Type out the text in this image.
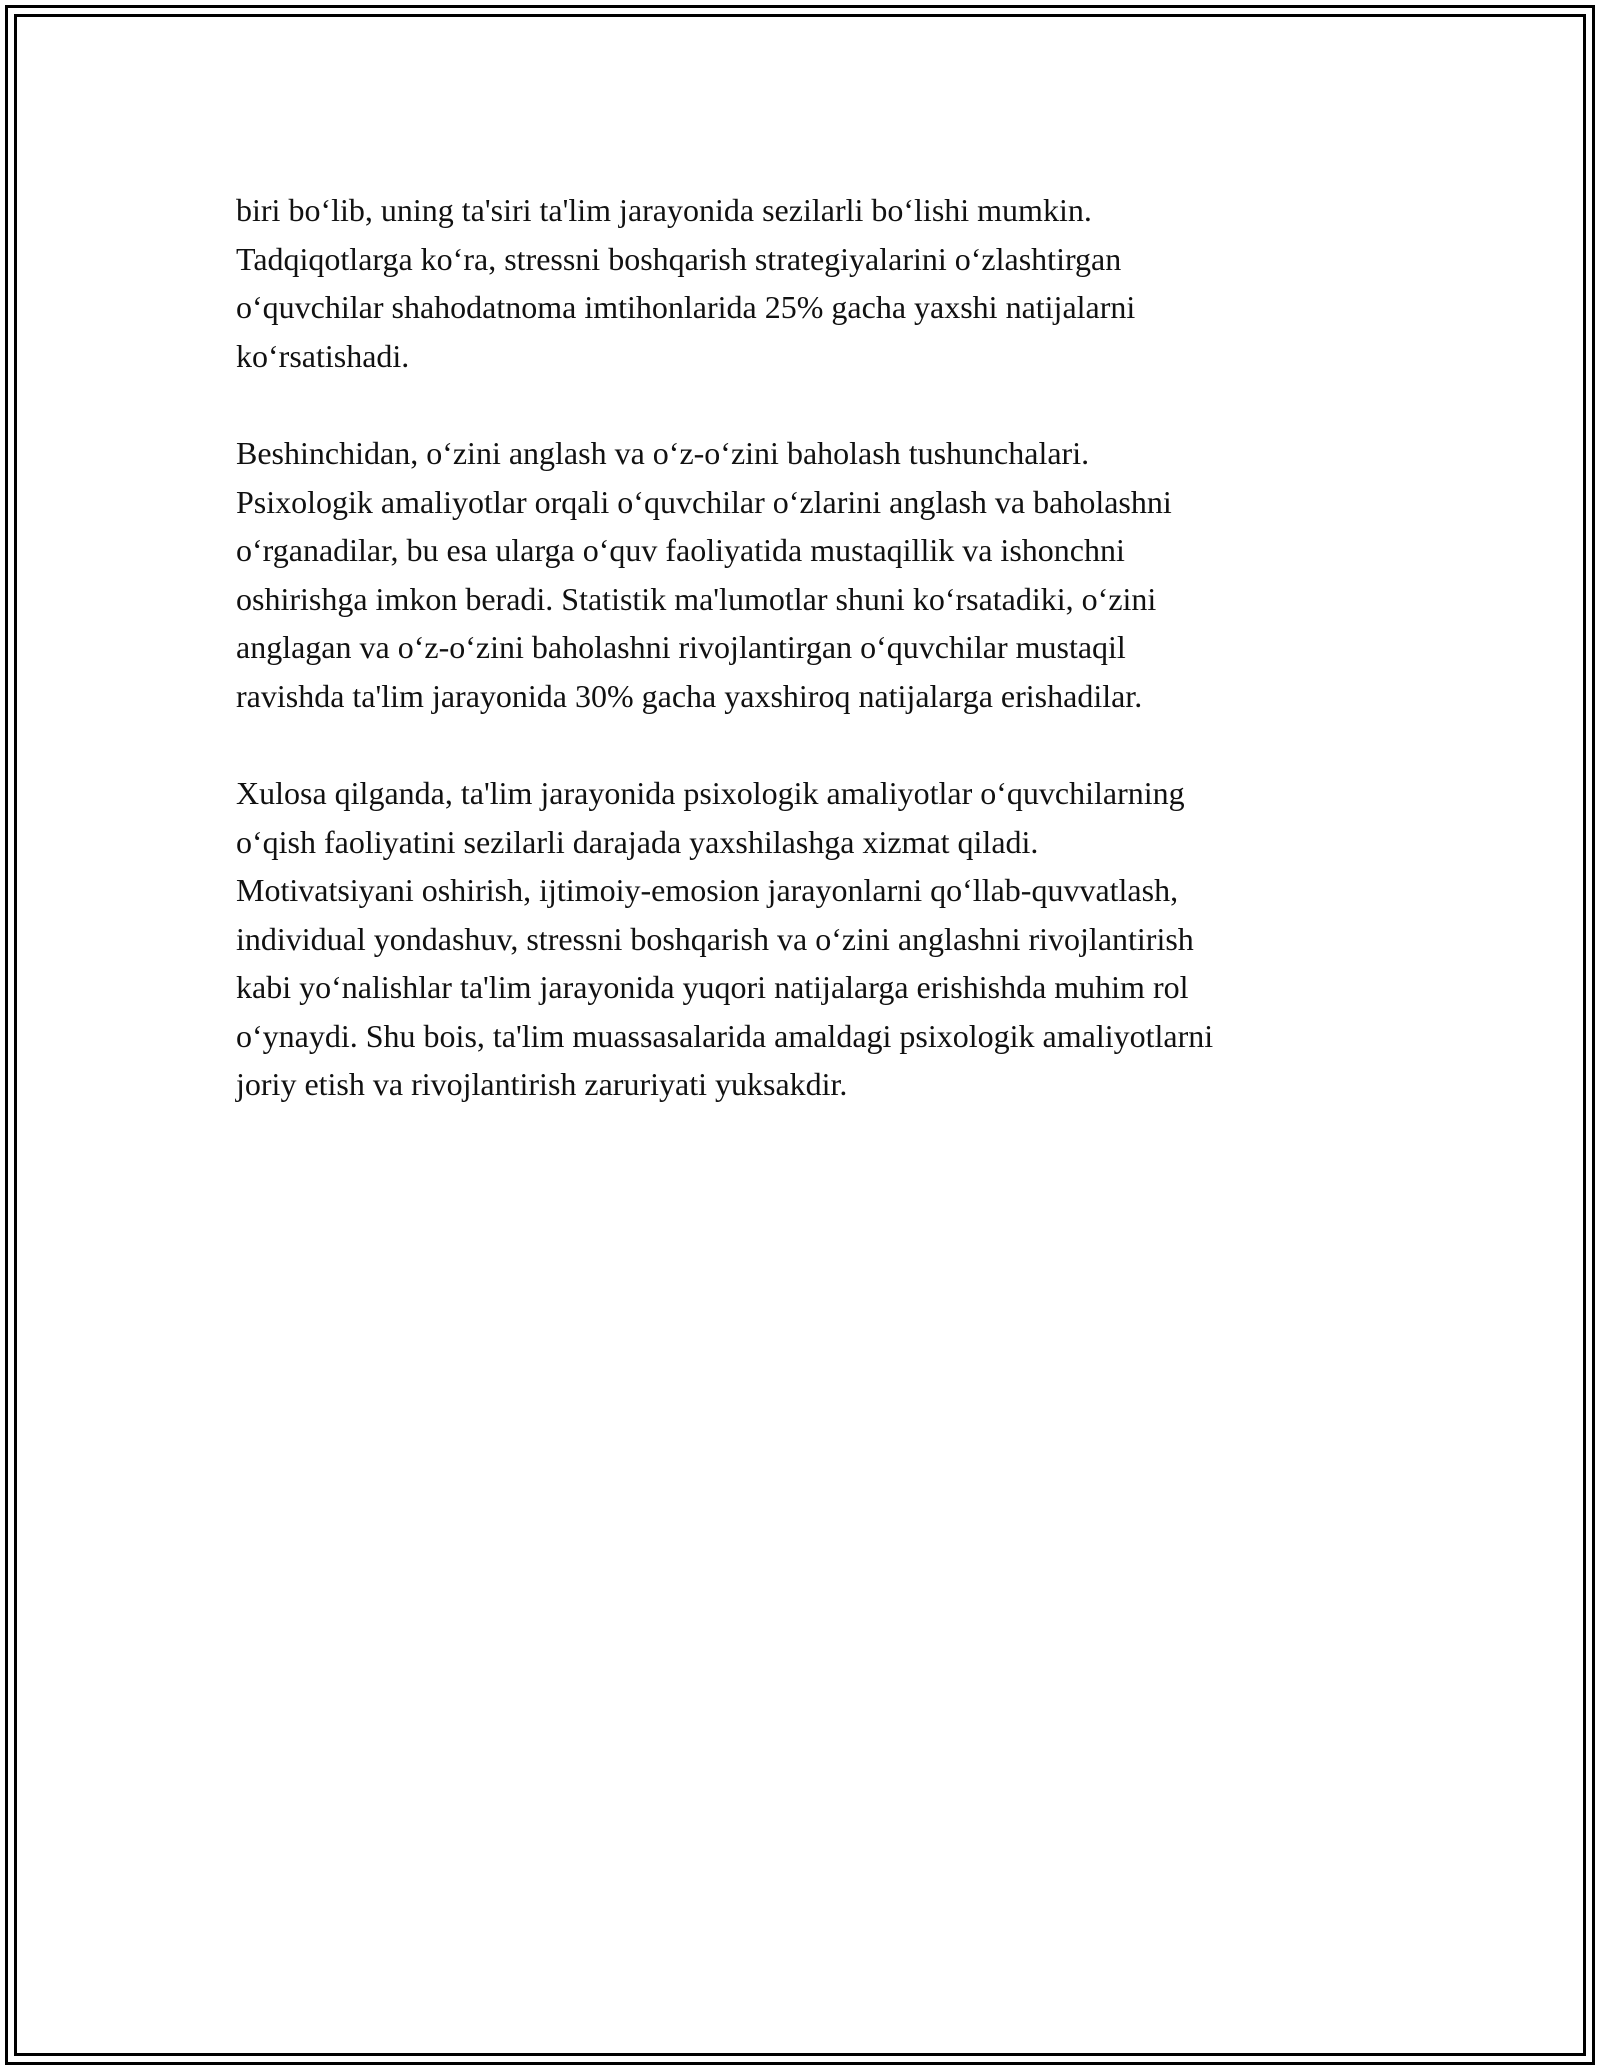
biri bo‘lib, uning ta'siri ta'lim jarayonida sezilarli bo‘lishi mumkin.
Tadqiqotlarga ko‘ra, stressni boshqarish strategiyalarini o‘zlashtirgan
o‘quvchilar shahodatnoma imtihonlarida 25% gacha yaxshi natijalarni
ko‘rsatishadi.

Beshinchidan, o‘zini anglash va o‘z-o‘zini baholash tushunchalari.
Psixologik amaliyotlar orqali o‘quvchilar o‘zlarini anglash va baholashni
o‘rganadilar, bu esa ularga o‘quv faoliyatida mustaqillik va ishonchni
oshirishga imkon beradi. Statistik ma'lumotlar shuni ko‘rsatadiki, o‘zini
anglagan va o‘z-o‘zini baholashni rivojlantirgan o‘quvchilar mustaqil
ravishda ta'lim jarayonida 30% gacha yaxshiroq natijalarga erishadilar.

Xulosa qilganda, ta'lim jarayonida psixologik amaliyotlar o‘quvchilarning
o‘qish faoliyatini sezilarli darajada yaxshilashga xizmat qiladi.
Motivatsiyani oshirish, ijtimoiy-emosion jarayonlarni qo‘llab-quvvatlash,
individual yondashuv, stressni boshqarish va o‘zini anglashni rivojlantirish
kabi yo‘nalishlar ta'lim jarayonida yuqori natijalarga erishishda muhim rol
o‘ynaydi. Shu bois, ta'lim muassasalarida amaldagi psixologik amaliyotlarni
joriy etish va rivojlantirish zaruriyati yuksakdir.
